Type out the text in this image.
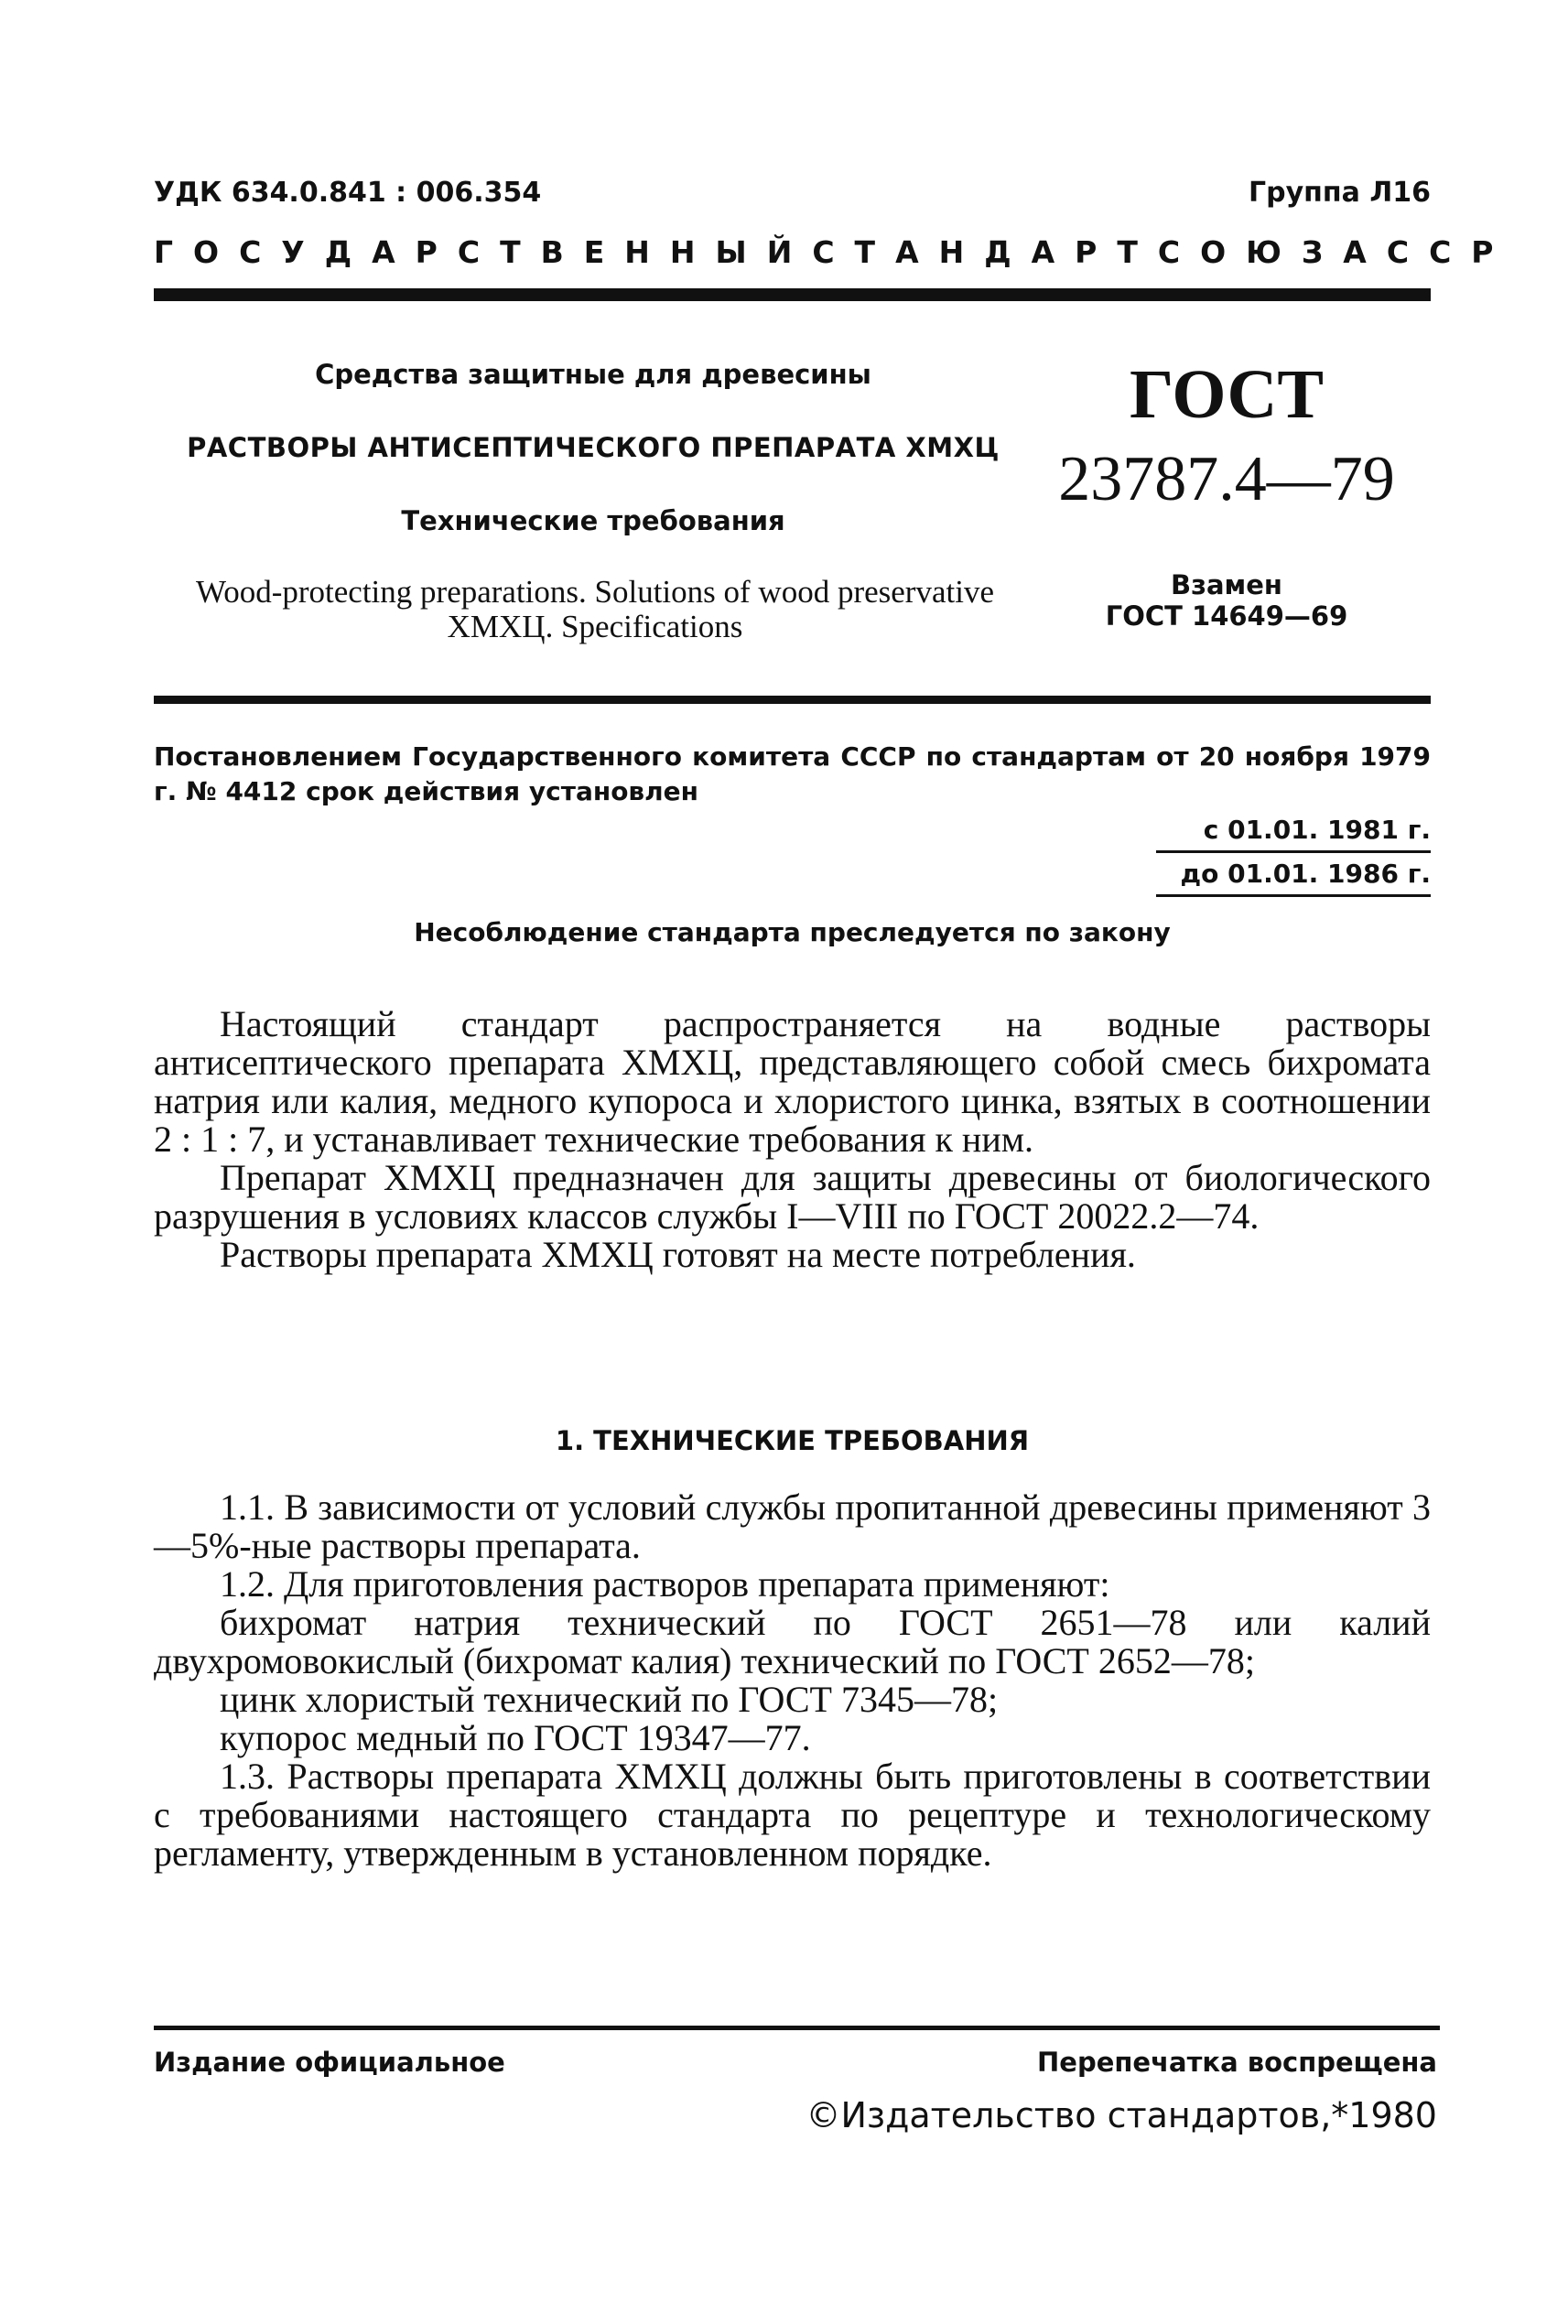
УДК 634.0.841 : 006.354	Группа Л16
ГОСУДАРСТВЕННЫЙ СТАНДАРТ СОЮЗА ССР
Средства защитные для древесины
РАСТВОРЫ АНТИСЕПТИЧЕСКОГО ПРЕПАРАТА ХМХЦ
Технические требования
Wood-protecting preparations. Solutions of wood preservative ХМХЦ. Specifications
ГОСТ
23787.4—79
Взамен
ГОСТ 14649—69
Постановлением Государственного комитета СССР по стандартам от 20 ноября 1979 г. № 4412 срок действия установлен
с 01.01. 1981 г.
до 01.01. 1986 г.
Несоблюдение стандарта преследуется по закону

Настоящий стандарт распространяется на водные растворы антисептического препарата ХМХЦ, представляющего собой смесь бихромата натрия или калия, медного купороса и хлористого цинка, взятых в соотношении 2 : 1 : 7, и устанавливает технические требования к ним.

Препарат ХМХЦ предназначен для защиты древесины от биологического разрушения в условиях классов службы I—VIII по ГОСТ 20022.2—74.

Растворы препарата ХМХЦ готовят на месте потребления.

1. ТЕХНИЧЕСКИЕ ТРЕБОВАНИЯ

1.1. В зависимости от условий службы пропитанной древесины применяют 3—5%-ные растворы препарата.

1.2. Для приготовления растворов препарата применяют:

бихромат натрия технический по ГОСТ 2651—78 или калий двухромовокислый (бихромат калия) технический по ГОСТ 2652—78;

цинк хлористый технический по ГОСТ 7345—78;

купорос медный по ГОСТ 19347—77.

1.3. Растворы препарата ХМХЦ должны быть приготовлены в соответствии с требованиями настоящего стандарта по рецептуре и технологическому регламенту, утвержденным в установленном порядке.

Издание официальное	Перепечатка воспрещена
©Издательство стандартов,*1980
